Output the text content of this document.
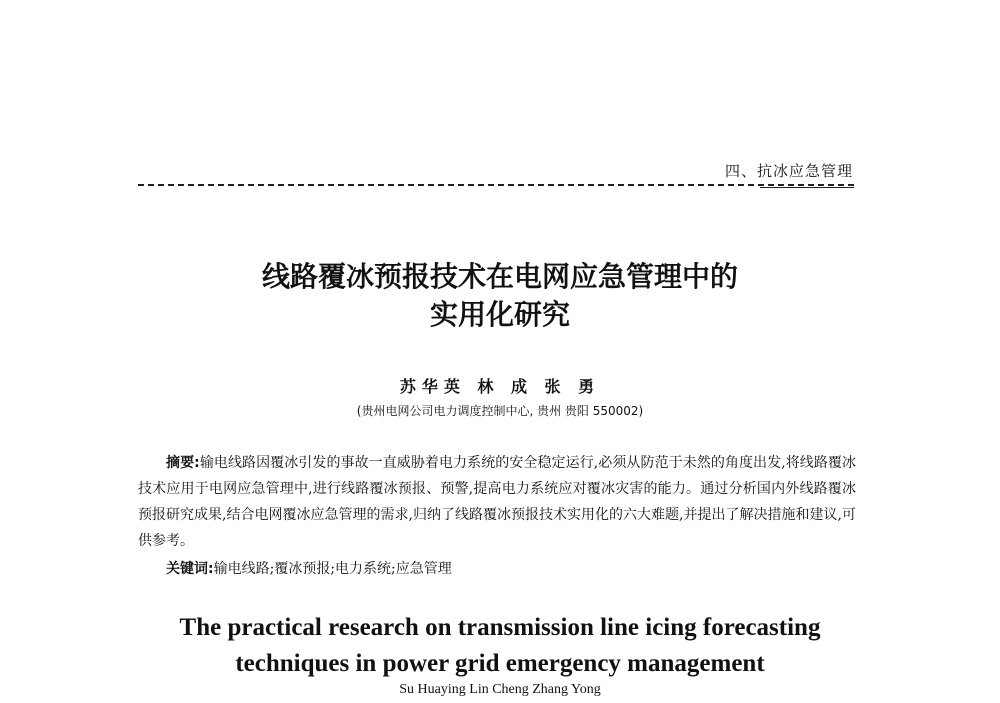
四、抗冰应急管理
线路覆冰预报技术在电网应急管理中的
实用化研究
苏华英 林 成 张 勇
(贵州电网公司电力调度控制中心, 贵州 贵阳 550002)

摘要:输电线路因覆冰引发的事故一直威胁着电力系统的安全稳定运行,必须从防范于未然的角度出发,将线路覆冰技术应用于电网应急管理中,进行线路覆冰预报、预警,提高电力系统应对覆冰灾害的能力。通过分析国内外线路覆冰预报研究成果,结合电网覆冰应急管理的需求,归纳了线路覆冰预报技术实用化的六大难题,并提出了解决措施和建议,可供参考。

关键词:输电线路;覆冰预报;电力系统;应急管理
The practical research on transmission line icing forecasting
techniques in power grid emergency management
Su Huaying Lin Cheng Zhang Yong
